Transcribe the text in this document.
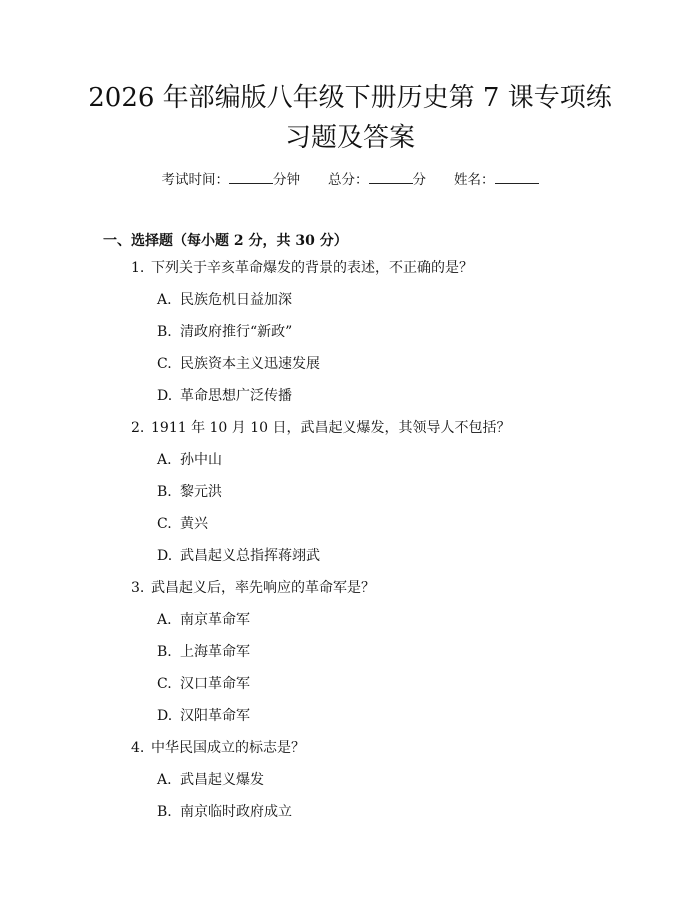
2026 年部编版八年级下册历史第 7 课专项练
习题及答案
考试时间：	分钟 总分：	分 姓名：
一、选择题（每小题 2 分，共 30 分）
1. 下列关于辛亥革命爆发的背景的表述，不正确的是？
A. 民族危机日益加深
B. 清政府推行“新政”
C. 民族资本主义迅速发展
D. 革命思想广泛传播
2. 1911 年 10 月 10 日，武昌起义爆发，其领导人不包括？
A. 孙中山
B. 黎元洪
C. 黄兴
D. 武昌起义总指挥蒋翊武
3. 武昌起义后，率先响应的革命军是？
A. 南京革命军
B. 上海革命军
C. 汉口革命军
D. 汉阳革命军
4. 中华民国成立的标志是？
A. 武昌起义爆发
B. 南京临时政府成立
